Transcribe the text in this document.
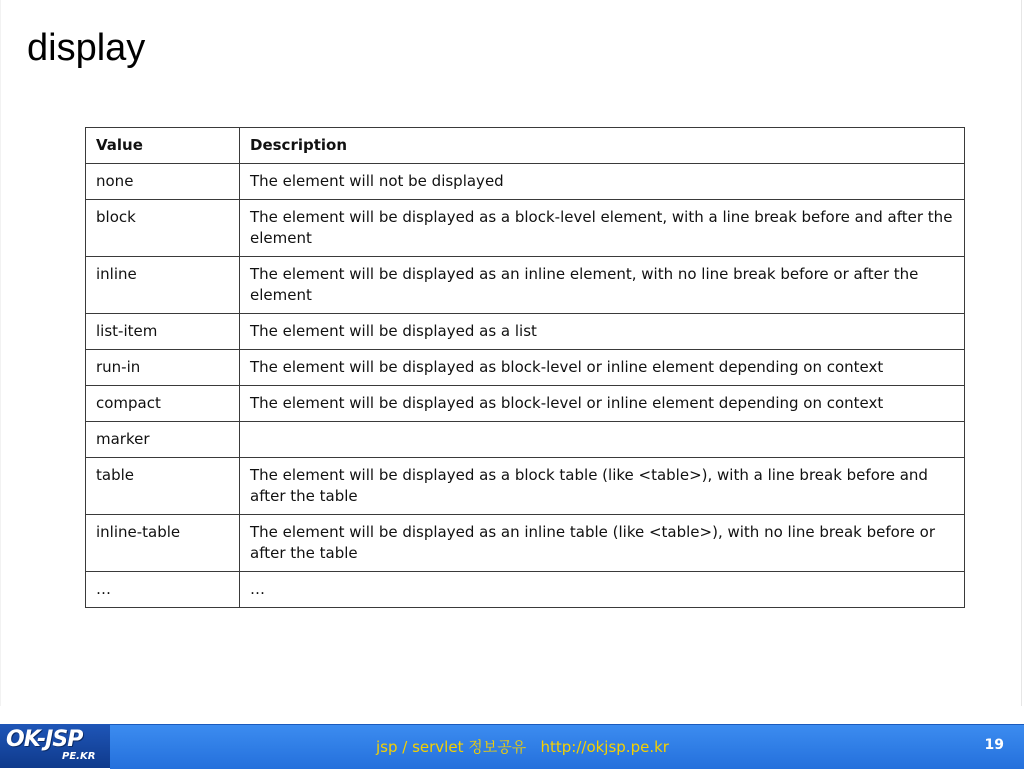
display
Value	Description
none	The element will not be displayed
block	The element will be displayed as a block-level element, with a line break before and after the element
inline	The element will be displayed as an inline element, with no line break before or after the element
list-item	The element will be displayed as a list
run-in	The element will be displayed as block-level or inline element depending on context
compact	The element will be displayed as block-level or inline element depending on context
marker	
table	The element will be displayed as a block table (like <table>), with a line break before and after the table
inline-table	The element will be displayed as an inline table (like <table>), with no line break before or after the table
…	…
OK-JSP
PE.KR
jsp / servlet 정보공유   http://okjsp.pe.kr	19
